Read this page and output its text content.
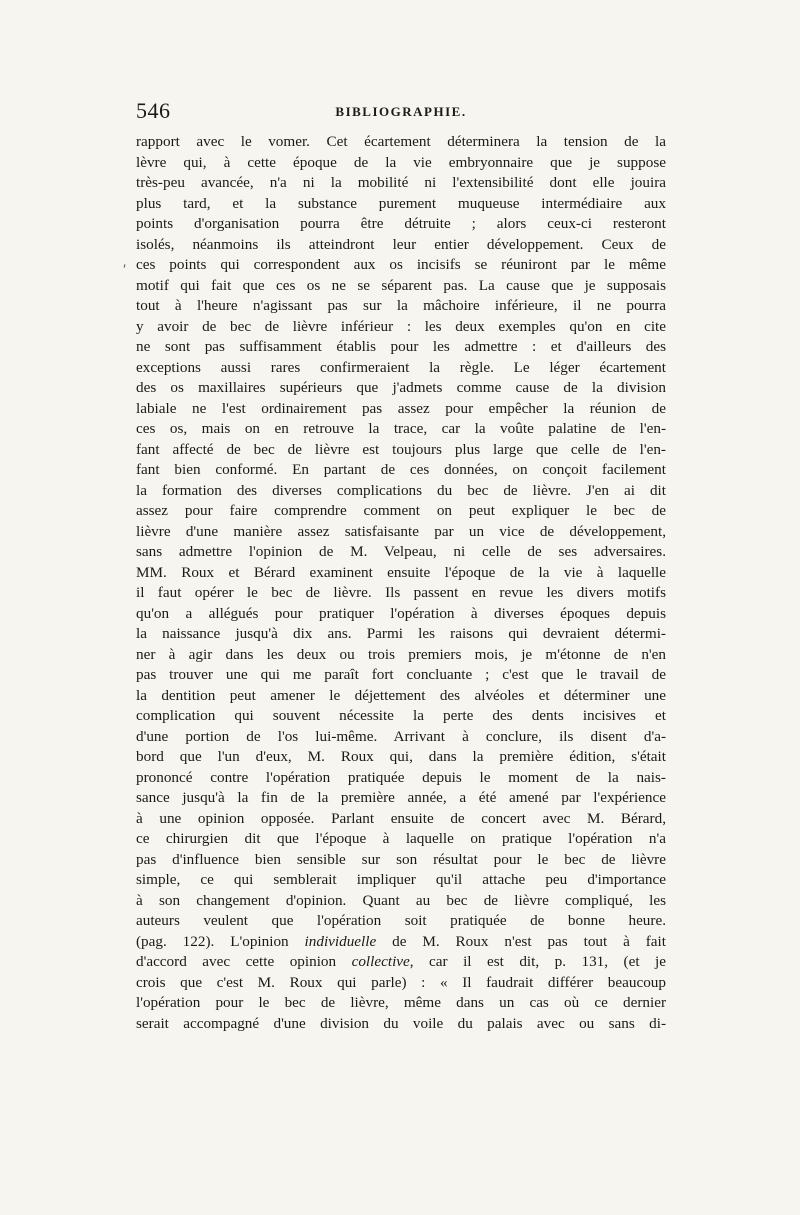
546	BIBLIOGRAPHIE.
ʹ
rapport avec le vomer. Cet écartement déterminera la tension de la
lèvre qui, à cette époque de la vie embryonnaire que je suppose
très-peu avancée, n'a ni la mobilité ni l'extensibilité dont elle jouira
plus tard, et la substance purement muqueuse intermédiaire aux
points d'organisation pourra être détruite ; alors ceux-ci resteront
isolés, néanmoins ils atteindront leur entier développement. Ceux de
ces points qui correspondent aux os incisifs se réuniront par le même
motif qui fait que ces os ne se séparent pas. La cause que je supposais
tout à l'heure n'agissant pas sur la mâchoire inférieure, il ne pourra
y avoir de bec de lièvre inférieur : les deux exemples qu'on en cite
ne sont pas suffisamment établis pour les admettre : et d'ailleurs des
exceptions aussi rares confirmeraient la règle. Le léger écartement
des os maxillaires supérieurs que j'admets comme cause de la division
labiale ne l'est ordinairement pas assez pour empêcher la réunion de
ces os, mais on en retrouve la trace, car la voûte palatine de l'en-
fant affecté de bec de lièvre est toujours plus large que celle de l'en-
fant bien conformé. En partant de ces données, on conçoit facilement
la formation des diverses complications du bec de lièvre. J'en ai dit
assez pour faire comprendre comment on peut expliquer le bec de
lièvre d'une manière assez satisfaisante par un vice de développement,
sans admettre l'opinion de M. Velpeau, ni celle de ses adversaires.
MM. Roux et Bérard examinent ensuite l'époque de la vie à laquelle
il faut opérer le bec de lièvre. Ils passent en revue les divers motifs
qu'on a allégués pour pratiquer l'opération à diverses époques depuis
la naissance jusqu'à dix ans. Parmi les raisons qui devraient détermi-
ner à agir dans les deux ou trois premiers mois, je m'étonne de n'en
pas trouver une qui me paraît fort concluante ; c'est que le travail de
la dentition peut amener le déjettement des alvéoles et déterminer une
complication qui souvent nécessite la perte des dents incisives et
d'une portion de l'os lui-même. Arrivant à conclure, ils disent d'a-
bord que l'un d'eux, M. Roux qui, dans la première édition, s'était
prononcé contre l'opération pratiquée depuis le moment de la nais-
sance jusqu'à la fin de la première année, a été amené par l'expérience
à une opinion opposée. Parlant ensuite de concert avec M. Bérard,
ce chirurgien dit que l'époque à laquelle on pratique l'opération n'a
pas d'influence bien sensible sur son résultat pour le bec de lièvre
simple, ce qui semblerait impliquer qu'il attache peu d'importance
à son changement d'opinion. Quant au bec de lièvre compliqué, les
auteurs veulent que l'opération soit pratiquée de bonne heure.
(pag. 122). L'opinion individuelle de M. Roux n'est pas tout à fait
d'accord avec cette opinion collective, car il est dit, p. 131, (et je
crois que c'est M. Roux qui parle) : « Il faudrait différer beaucoup
l'opération pour le bec de lièvre, même dans un cas où ce dernier
serait accompagné d'une division du voile du palais avec ou sans di-
